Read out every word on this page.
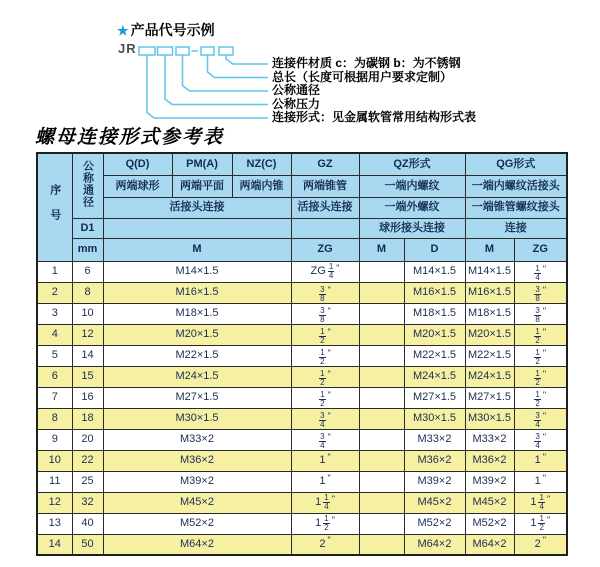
★ 产品代号示例
JR
连接件材质 c：为碳钢 b：为不锈钢
总长（长度可根据用户要求定制）
公称通径
公称压力
连接形式：见金属软管常用结构形式表
螺母连接形式参考表
序号	公称通径	Q(D)	PM(A)	NZ(C)	GZ	QZ形式		QG形式	
		两端球形	两端平面	两端内锥	两端锥管	一端内螺纹		一端内螺纹活接头	
		活接头连接			活接头连接	一端外螺纹		一端锥管螺纹接头	
	D1					球形接头连接		连接	
	mm	M			ZG	M	D	M	ZG
1	6	M14×1.5			ZG $\frac{1}{4}$ "		M14×1.5	M14×1.5	$\frac{1}{4}$ "

2	8	M16×1.5			$\frac{3}{8}$ "		M16×1.5	M16×1.5	$\frac{3}{8}$ "

3	10	M18×1.5			$\frac{3}{8}$ "		M18×1.5	M18×1.5	$\frac{3}{8}$ "

4	12	M20×1.5			$\frac{1}{2}$ "		M20×1.5	M20×1.5	$\frac{1}{2}$ "

5	14	M22×1.5			$\frac{1}{2}$ "		M22×1.5	M22×1.5	$\frac{1}{2}$ "

6	15	M24×1.5			$\frac{1}{2}$ "		M24×1.5	M24×1.5	$\frac{1}{2}$ "

7	16	M27×1.5			$\frac{1}{2}$ "		M27×1.5	M27×1.5	$\frac{1}{2}$ "

8	18	M30×1.5			$\frac{3}{4}$ "		M30×1.5	M30×1.5	$\frac{3}{4}$ "

9	20	M33×2			$\frac{3}{4}$ "		M33×2	M33×2	$\frac{3}{4}$ "

10	22	M36×2			1 "		M36×2	M36×2	1 "

11	25	M39×2			1 "		M39×2	M39×2	1 "

12	32	M45×2			$1 \frac{1}{4}$ "		M45×2	M45×2	$1 \frac{1}{4}$ "

13	40	M52×2			$1 \frac{1}{2}$ "		M52×2	M52×2	$1 \frac{1}{2}$ "

14	50	M64×2			2 "		M64×2	M64×2	2 "
